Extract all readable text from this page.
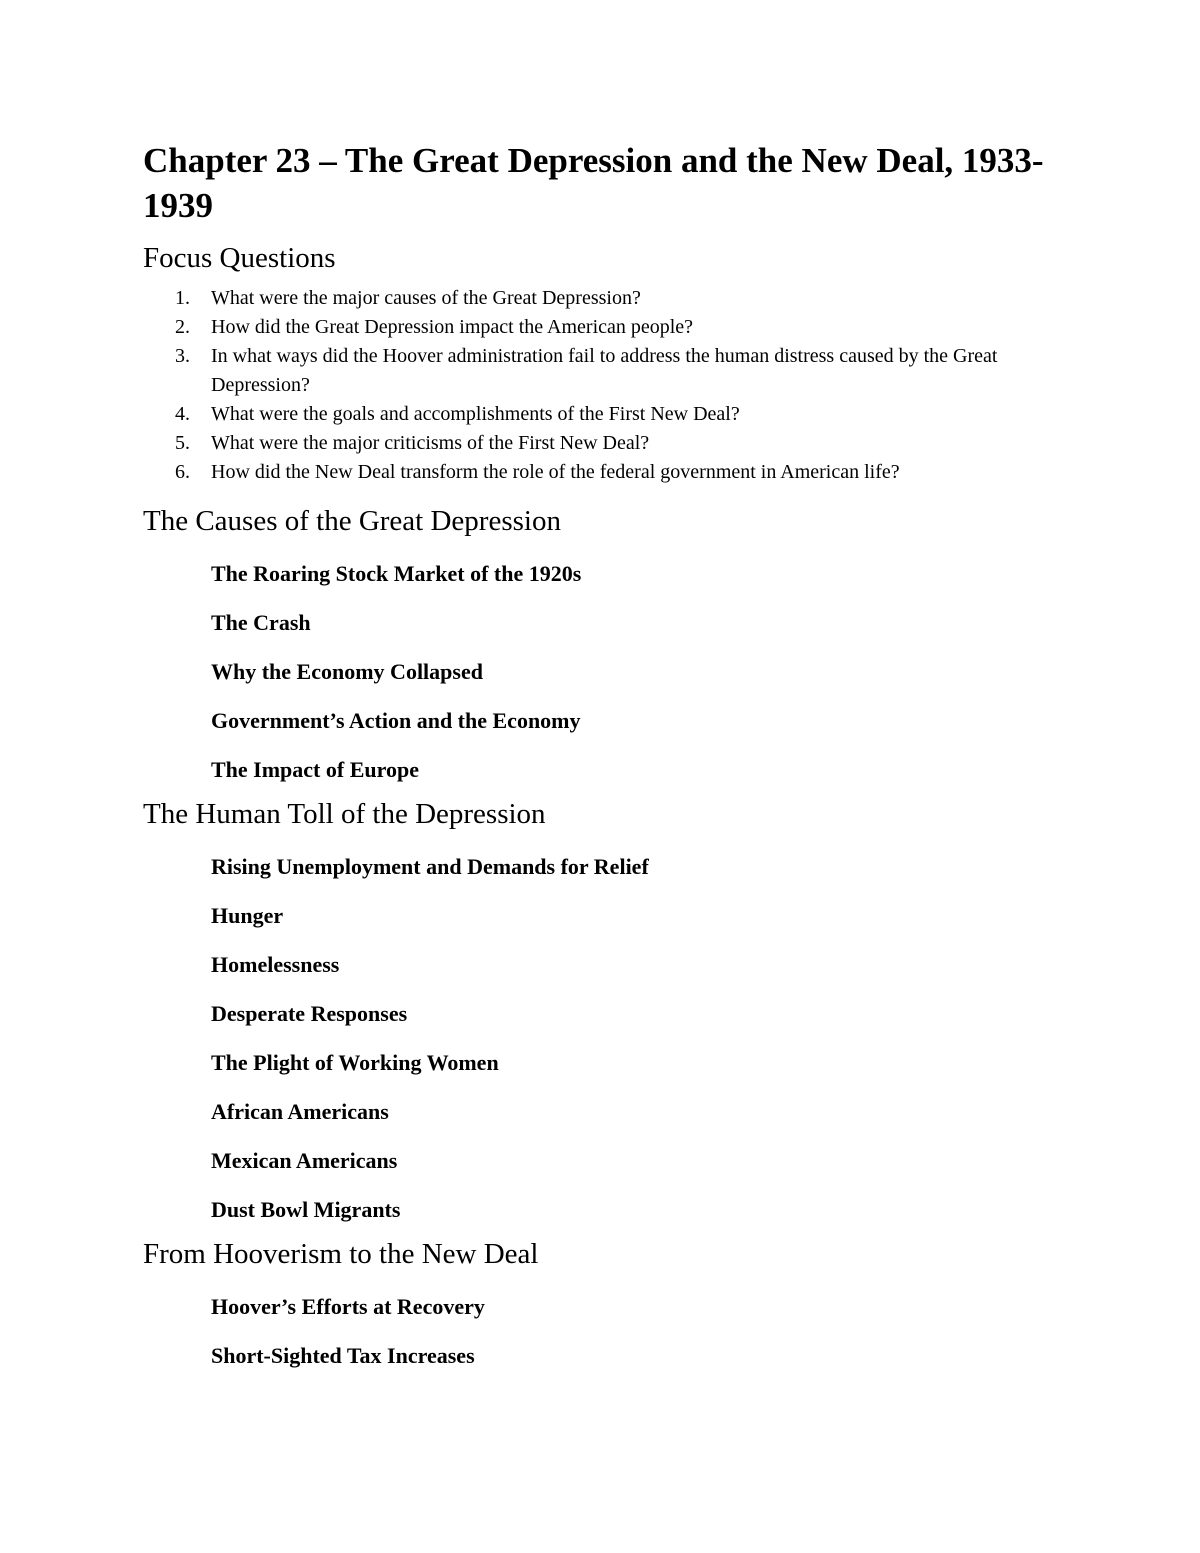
Chapter 23 – The Great Depression and the New Deal, 1933-1939
Focus Questions
1. What were the major causes of the Great Depression?
2. How did the Great Depression impact the American people?
3. In what ways did the Hoover administration fail to address the human distress caused by the Great Depression?
4. What were the goals and accomplishments of the First New Deal?
5. What were the major criticisms of the First New Deal?
6. How did the New Deal transform the role of the federal government in American life?
The Causes of the Great Depression
The Roaring Stock Market of the 1920s
The Crash
Why the Economy Collapsed
Government’s Action and the Economy
The Impact of Europe
The Human Toll of the Depression
Rising Unemployment and Demands for Relief
Hunger
Homelessness
Desperate Responses
The Plight of Working Women
African Americans
Mexican Americans
Dust Bowl Migrants
From Hooverism to the New Deal
Hoover’s Efforts at Recovery
Short-Sighted Tax Increases
